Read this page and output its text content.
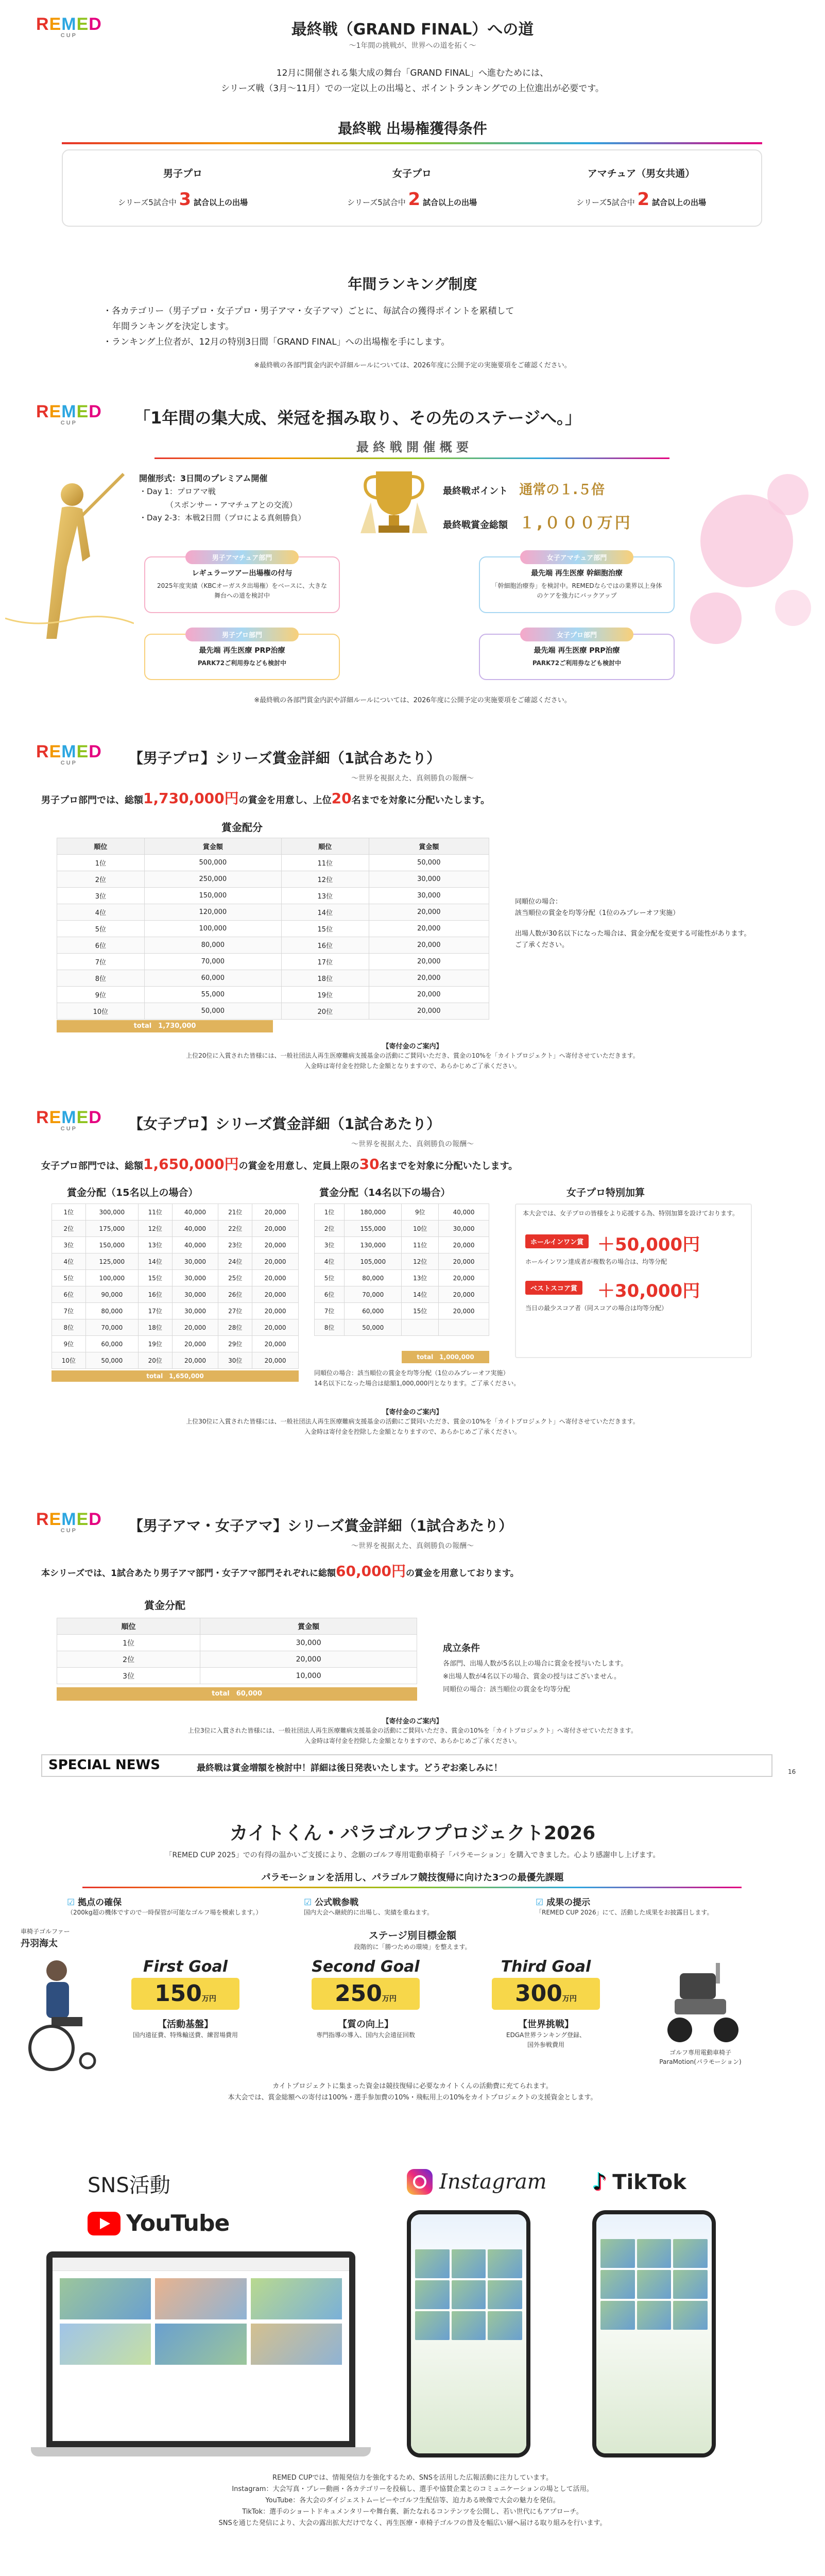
REMED
CUP	最終戦（GRAND FINAL）への道
〜1年間の挑戦が、世界への道を拓く〜
12月に開催される集大成の舞台「GRAND FINAL」へ進むためには、
シリーズ戦（3月〜11月）での一定以上の出場と、ポイントランキングでの上位進出が必要です。
最終戦 出場権獲得条件
男子プロ
シリーズ5試合中 3 試合以上の出場
女子プロ
シリーズ5試合中 2 試合以上の出場
アマチュア（男女共通）
シリーズ5試合中 2 試合以上の出場
年間ランキング制度
・各カテゴリー（男子プロ・女子プロ・男子アマ・女子アマ）ごとに、毎試合の獲得ポイントを累積して
年間ランキングを決定します。
・ランキング上位者が、12月の特別3日間「GRAND FINAL」への出場権を手にします。
※最終戦の各部門賞金内訳や詳細ルールについては、2026年度に公開予定の実施要項をご確認ください。
REMED
CUP	「1年間の集大成、栄冠を掴み取り、その先のステージへ。」
最 終 戦 開 催 概 要
開催形式：3日間のプレミアム開催
・Day 1：プロアマ戦
（スポンサー・アマチュアとの交流）
・Day 2-3：本戦2日間（プロによる真剣勝負）
最終戦ポイント 通常の１.５倍
最終戦賞金総額 １,０００万円
男子アマチュア部門
レギュラーツアー出場権の付与
2025年度実績（KBCオーガスタ出場権）をベースに、大きな舞台への道を検討中
女子アマチュア部門
最先端 再生医療 幹細胞治療
「幹細胞治療券」を検討中。REMEDならではの業界以上身体のケアを強力にバックアップ
男子プロ部門
最先端 再生医療 PRP治療
PARK72ご利用券なども検討中
女子プロ部門
最先端 再生医療 PRP治療
PARK72ご利用券なども検討中
※最終戦の各部門賞金内訳や詳細ルールについては、2026年度に公開予定の実施要項をご確認ください。
REMED
CUP	【男子プロ】シリーズ賞金詳細（1試合あたり）
〜世界を視据えた、真剣勝負の報酬〜
男子プロ部門では、総額1,730,000円の賞金を用意し、上位20名までを対象に分配いたします。
賞金配分
順位	賞金額	順位	賞金額
1位	500,000	11位	50,000
2位	250,000	12位	30,000
3位	150,000	13位	30,000
4位	120,000	14位	20,000
5位	100,000	15位	20,000
6位	80,000	16位	20,000
7位	70,000	17位	20,000
8位	60,000	18位	20,000
9位	55,000	19位	20,000
10位	50,000	20位	20,000
total　1,730,000
同順位の場合：
該当順位の賞金を均等分配（1位のみプレーオフ実施）
出場人数が30名以下になった場合は、賞金分配を変更する可能性があります。ご了承ください。
【寄付金のご案内】
上位20位に入賞された皆様には、一般社団法人再生医療難病支援基金の活動にご賛同いただき、賞金の10%を「カイトプロジェクト」へ寄付させていただきます。
入金時は寄付金を控除した金額となりますので、あらかじめご了承ください。
REMED
CUP	【女子プロ】シリーズ賞金詳細（1試合あたり）
〜世界を視据えた、真剣勝負の報酬〜
女子プロ部門では、総額1,650,000円の賞金を用意し、定員上限の30名までを対象に分配いたします。
賞金分配（15名以上の場合）	賞金分配（14名以下の場合）	女子プロ特別加算
1位	300,000	11位	40,000	21位	20,000
2位	175,000	12位	40,000	22位	20,000
3位	150,000	13位	40,000	23位	20,000
4位	125,000	14位	30,000	24位	20,000
5位	100,000	15位	30,000	25位	20,000
6位	90,000	16位	30,000	26位	20,000
7位	80,000	17位	30,000	27位	20,000
8位	70,000	18位	20,000	28位	20,000
9位	60,000	19位	20,000	29位	20,000
10位	50,000	20位	20,000	30位	20,000
total　1,650,000
1位	180,000	9位	40,000
2位	155,000	10位	30,000
3位	130,000	11位	20,000
4位	105,000	12位	20,000
5位	80,000	13位	20,000
6位	70,000	14位	20,000
7位	60,000	15位	20,000
8位	50,000		
total　1,000,000
本大会では、女子プロの皆様をより応援する為、特別加算を設けております。
ホールインワン賞 ＋50,000円
ホールインワン達成者が複数名の場合は、均等分配
ベストスコア賞 ＋30,000円
当日の最少スコア者（同スコアの場合は均等分配）
同順位の場合：該当順位の賞金を均等分配（1位のみプレーオフ実施）
14名以下になった場合は総額1,000,000円となります。ご了承ください。
【寄付金のご案内】
上位30位に入賞された皆様には、一般社団法人再生医療難病支援基金の活動にご賛同いただき、賞金の10%を「カイトプロジェクト」へ寄付させていただきます。
入金時は寄付金を控除した金額となりますので、あらかじめご了承ください。
REMED
CUP	【男子アマ・女子アマ】シリーズ賞金詳細（1試合あたり）
〜世界を視据えた、真剣勝負の報酬〜
本シリーズでは、1試合あたり男子アマ部門・女子アマ部門それぞれに総額60,000円の賞金を用意しております。
賞金分配
順位	賞金額
1位	30,000
2位	20,000
3位	10,000
total　60,000
成立条件
各部門、出場人数が5名以上の場合に賞金を授与いたします。
※出場人数が4名以下の場合、賞金の授与はございません。
同順位の場合：該当順位の賞金を均等分配
【寄付金のご案内】
上位3位に入賞された皆様には、一般社団法人再生医療難病支援基金の活動にご賛同いただき、賞金の10%を「カイトプロジェクト」へ寄付させていただきます。
入金時は寄付金を控除した金額となりますので、あらかじめご了承ください。
SPECIAL NEWS	最終戦は賞金増額を検討中！詳細は後日発表いたします。どうぞお楽しみに！	16
カイトくん・パラゴルフプロジェクト2026
「REMED CUP 2025」での有得の温かいご支援により、念願のゴルフ専用電動車椅子「パラモーション」を購入できました。心より感謝申し上げます。
パラモーションを活用し、パラゴルフ競技復帰に向けた3つの最優先課題
☑ 拠点の確保
（200kg超の機体ですので一時保管が可能なゴルフ場を模索します。）
☑ 公式戦参戦
国内大会へ継続的に出場し、実績を重ねます。
☑ 成果の提示
「REMED CUP 2026」にて、活動した成果をお披露目します。
ステージ別目標金額
段階的に「勝つための環境」を整えます。
車椅子ゴルファー
丹羽海太
First Goal
150万円
【活動基盤】
国内遠征費、特殊輸送費、練習場費用
Second Goal
250万円
【質の向上】
専門指導の導入、国内大会遠征回数
Third Goal
300万円
【世界挑戦】
EDGA世界ランキング登録、
国外参戦費用
ゴルフ専用電動車椅子
ParaMotion(パラモーション)
カイトプロジェクトに集まった資金は競技復帰に必要なカイトくんの活動費に充てられます。
本大会では、賞金総額への寄付は100%・選手参加費の10%・飛転用上の10%をカイトプロジェクトの支援資金とします。
SNS活動
YouTube
Instagram ♪ TikTok
REMED CUPでは、情報発信力を強化するため、SNSを活用した広報活動に注力しています。
Instagram：大会写真・プレー動画・各カテゴリーを投稿し、選手や協賛企業とのコミュニケーションの場として活用。
YouTube：各大会のダイジェストムービーやゴルフ生配信等、迫力ある映像で大会の魅力を発信。
TikTok：選手のショートドキュメンタリーや舞台裏、新たなれるコンテンツを公開し、若い世代にもアプローチ。
SNSを通じた発信により、大会の露出拡大だけでなく、再生医療・車椅子ゴルフの普及を幅広い層へ届ける取り組みを行います。
